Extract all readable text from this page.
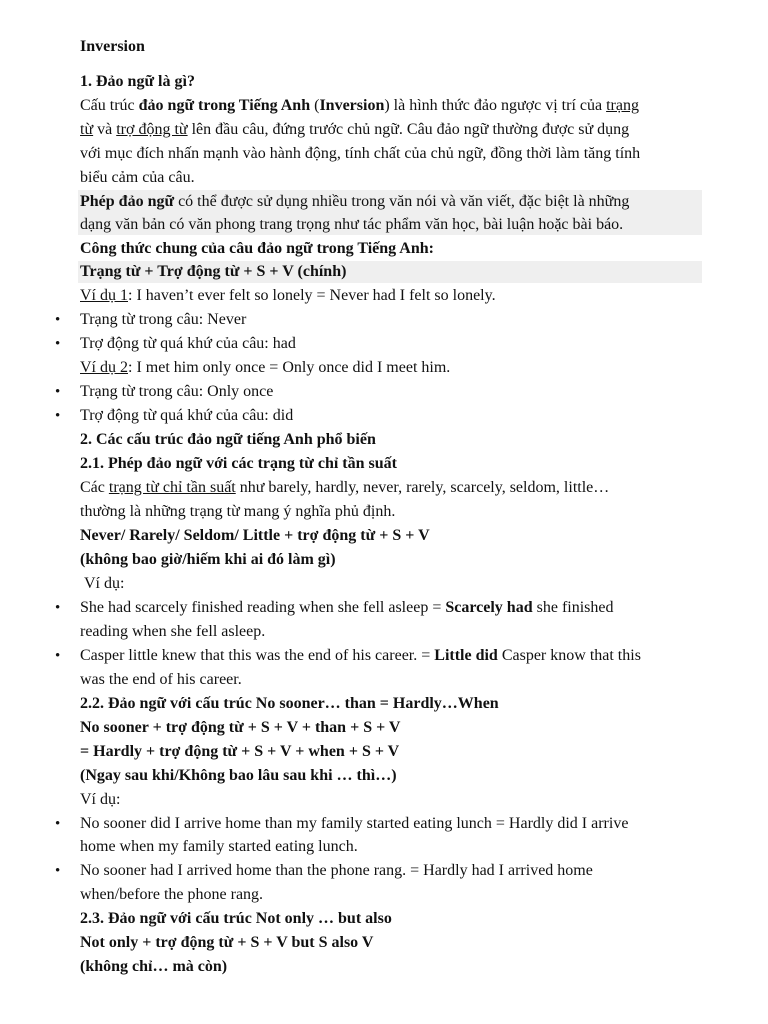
Inversion
1. Đảo ngữ là gì?
Cấu trúc đảo ngữ trong Tiếng Anh (Inversion) là hình thức đảo ngược vị trí của trạng
từ và trợ động từ lên đầu câu, đứng trước chủ ngữ. Câu đảo ngữ thường được sử dụng
với mục đích nhấn mạnh vào hành động, tính chất của chủ ngữ, đồng thời làm tăng tính
biểu cảm của câu.
Phép đảo ngữ có thể được sử dụng nhiều trong văn nói và văn viết, đặc biệt là những
dạng văn bản có văn phong trang trọng như tác phẩm văn học, bài luận hoặc bài báo.
Công thức chung của câu đảo ngữ trong Tiếng Anh:
Trạng từ + Trợ động từ + S + V (chính)
Ví dụ 1: I haven’t ever felt so lonely = Never had I felt so lonely.
• Trạng từ trong câu: Never
• Trợ động từ quá khứ của câu: had
Ví dụ 2: I met him only once = Only once did I meet him.
• Trạng từ trong câu: Only once
• Trợ động từ quá khứ của câu: did
2. Các cấu trúc đảo ngữ tiếng Anh phổ biến
2.1. Phép đảo ngữ với các trạng từ chỉ tần suất
Các trạng từ chỉ tần suất như barely, hardly, never, rarely, scarcely, seldom, little…
thường là những trạng từ mang ý nghĩa phủ định.
Never/ Rarely/ Seldom/ Little + trợ động từ + S + V
(không bao giờ/hiếm khi ai đó làm gì)
Ví dụ:
• She had scarcely finished reading when she fell asleep = Scarcely had she finished
reading when she fell asleep.
• Casper little knew that this was the end of his career. = Little did Casper know that this
was the end of his career.
2.2. Đảo ngữ với cấu trúc No sooner… than = Hardly…When
No sooner + trợ động từ + S + V + than + S + V
= Hardly + trợ động từ + S + V + when + S + V
(Ngay sau khi/Không bao lâu sau khi … thì…)
Ví dụ:
• No sooner did I arrive home than my family started eating lunch = Hardly did I arrive
home when my family started eating lunch.
• No sooner had I arrived home than the phone rang. = Hardly had I arrived home
when/before the phone rang.
2.3. Đảo ngữ với cấu trúc Not only … but also
Not only + trợ động từ + S + V but S also V
(không chỉ… mà còn)
